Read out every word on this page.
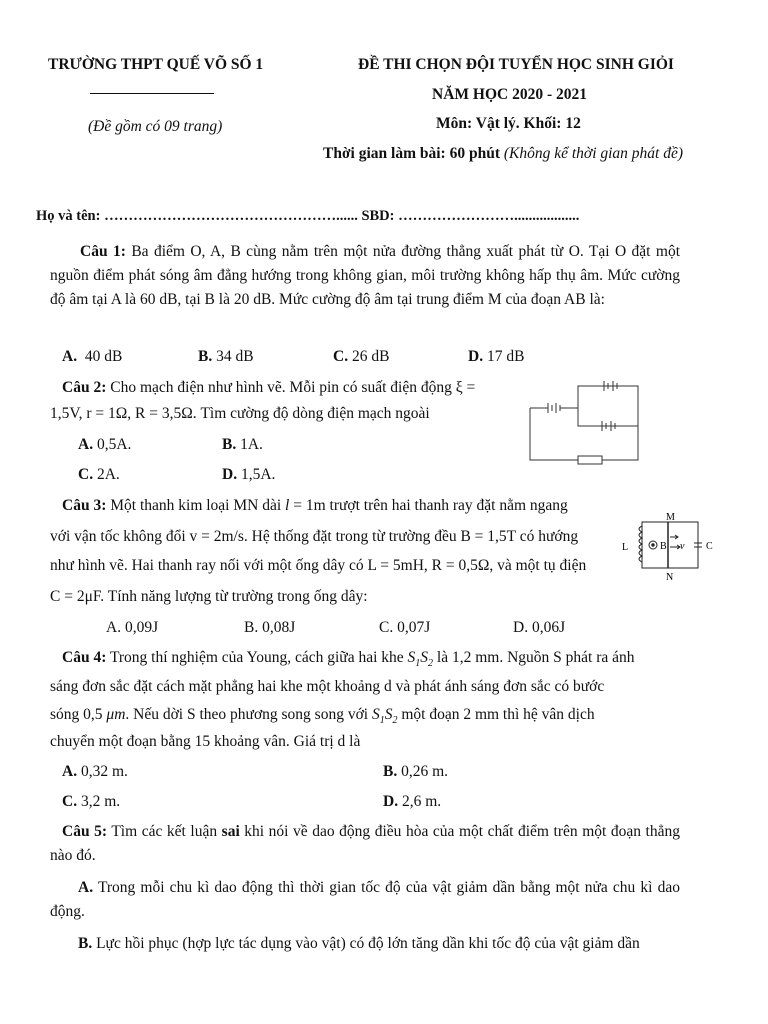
TRƯỜNG THPT QUẾ VÕ SỐ 1
(Đề gồm có 09 trang)
ĐỀ THI CHỌN ĐỘI TUYỂN HỌC SINH GIỎI
NĂM HỌC 2020 - 2021
Môn: Vật lý. Khối: 12
Thời gian làm bài: 60 phút (Không kể thời gian phát đề)
Họ và tên: …………………………………………...... SBD: ……………………..................
Câu 1: Ba điểm O, A, B cùng nằm trên một nửa đường thẳng xuất phát từ O. Tại O đặt một nguồn điểm phát sóng âm đẳng hướng trong không gian, môi trường không hấp thụ âm. Mức cường độ âm tại A là 60 dB, tại B là 20 dB. Mức cường độ âm tại trung điểm M của đoạn AB là:
A. 40 dB	B. 34 dB	C. 26 dB	D. 17 dB
Câu 2: Cho mạch điện như hình vẽ. Mỗi pin có suất điện động ξ =
1,5V, r = 1Ω, R = 3,5Ω. Tìm cường độ dòng điện mạch ngoài
A. 0,5A.	B. 1A.
C. 2A.	D. 1,5A.
Câu 3: Một thanh kim loại MN dài l = 1m trượt trên hai thanh ray đặt nằm ngang
với vận tốc không đổi v = 2m/s. Hệ thống đặt trong từ trường đều B = 1,5T có hướng
như hình vẽ. Hai thanh ray nối với một ống dây có L = 5mH, R = 0,5Ω, và một tụ điện
C = 2μF. Tính năng lượng từ trường trong ống dây:
A. 0,09J	B. 0,08J	C. 0,07J	D. 0,06J
M
N
L	B v C
Câu 4: Trong thí nghiệm của Young, cách giữa hai khe $S_1S_2$ là 1,2 mm. Nguồn S phát ra ánh
sáng đơn sắc đặt cách mặt phẳng hai khe một khoảng d và phát ánh sáng đơn sắc có bước
sóng 0,5 μm. Nếu dời S theo phương song song với $S_1S_2$ một đoạn 2 mm thì hệ vân dịch
chuyển một đoạn bằng 15 khoảng vân. Giá trị d là
A. 0,32 m.	B. 0,26 m.
C. 3,2 m.	D. 2,6 m.
Câu 5: Tìm các kết luận sai khi nói về dao động điều hòa của một chất điểm trên một đoạn thẳng nào đó.
A. Trong mỗi chu kì dao động thì thời gian tốc độ của vật giảm dần bằng một nửa chu kì dao động.
B. Lực hồi phục (hợp lực tác dụng vào vật) có độ lớn tăng dần khi tốc độ của vật giảm dần
